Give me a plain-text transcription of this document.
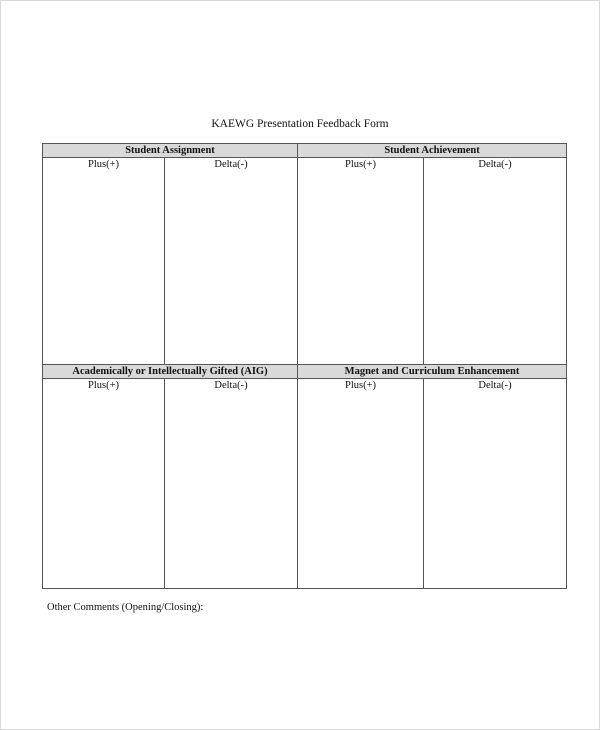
KAEWG Presentation Feedback Form
Student Assignment		Student Achievement	
Plus(+)	Delta(-)	Plus(+)	Delta(-)
Academically or Intellectually Gifted (AIG)		Magnet and Curriculum Enhancement	
Plus(+)	Delta(-)	Plus(+)	Delta(-)
Other Comments (Opening/Closing):
